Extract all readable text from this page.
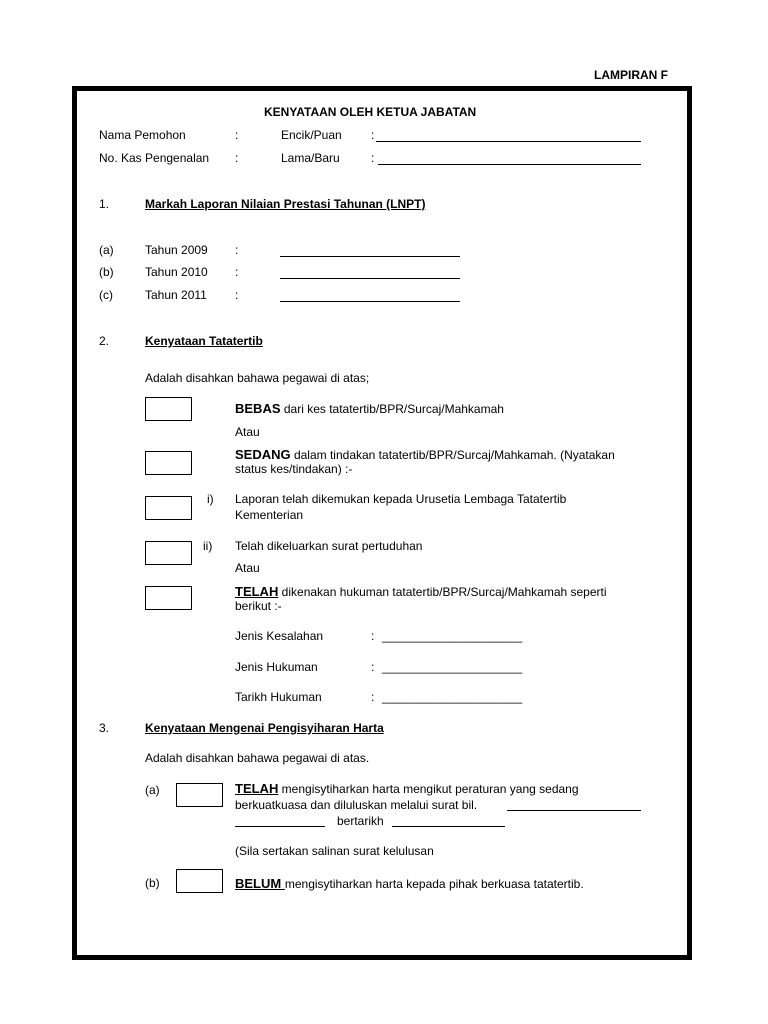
LAMPIRAN F
KENYATAAN OLEH KETUA JABATAN
Nama Pemohon	:	Encik/Puan :
No. Kas Pengenalan :	Lama/Baru	:
1.	Markah Laporan Nilaian Prestasi Tahunan (LNPT)
(a)	Tahun 2009 :
(b)	Tahun 2010 :
(c)	Tahun 2011 :
2.	Kenyataan Tatatertib
Adalah disahkan bahawa pegawai di atas;
BEBAS dari kes tatatertib/BPR/Surcaj/Mahkamah
Atau
SEDANG dalam tindakan tatatertib/BPR/Surcaj/Mahkamah. (Nyatakan
status kes/tindakan) :-
i) Laporan telah dikemukan kepada Urusetia Lembaga Tatatertib
Kementerian
ii) Telah dikeluarkan surat pertuduhan
Atau
TELAH dikenakan hukuman tatatertib/BPR/Surcaj/Mahkamah seperti
berikut :-
Jenis Kesalahan	: _____________________
Jenis Hukuman	: _____________________
Tarikh Hukuman	: _____________________
3.	Kenyataan Mengenai Pengisyiharan Harta
Adalah disahkan bahawa pegawai di atas.
(a)	TELAH mengisytiharkan harta mengikut peraturan yang sedang
berkuatkuasa dan diluluskan melalui surat bil.
bertarikh
(Sila sertakan salinan surat kelulusan
(b)	BELUM mengisytiharkan harta kepada pihak berkuasa tatatertib.
